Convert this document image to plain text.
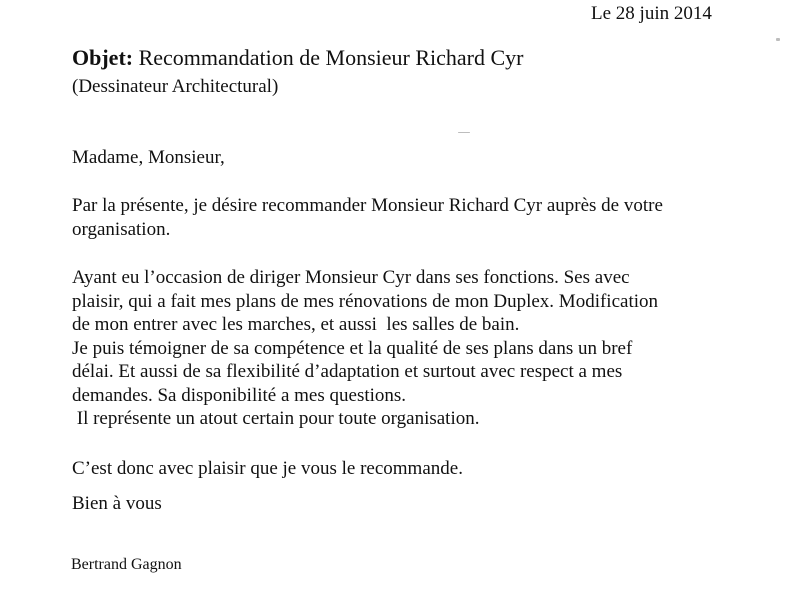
Le 28 juin 2014
Objet: Recommandation de Monsieur Richard Cyr
(Dessinateur Architectural)
Madame, Monsieur,
Par la présente, je désire recommander Monsieur Richard Cyr auprès de votre
organisation.
Ayant eu l’occasion de diriger Monsieur Cyr dans ses fonctions. Ses avec
plaisir, qui a fait mes plans de mes rénovations de mon Duplex. Modification
de mon entrer avec les marches, et aussi  les salles de bain.
Je puis témoigner de sa compétence et la qualité de ses plans dans un bref
délai. Et aussi de sa flexibilité d’adaptation et surtout avec respect a mes
demandes. Sa disponibilité a mes questions.
Il représente un atout certain pour toute organisation.
C’est donc avec plaisir que je vous le recommande.
Bien à vous
Bertrand Gagnon
